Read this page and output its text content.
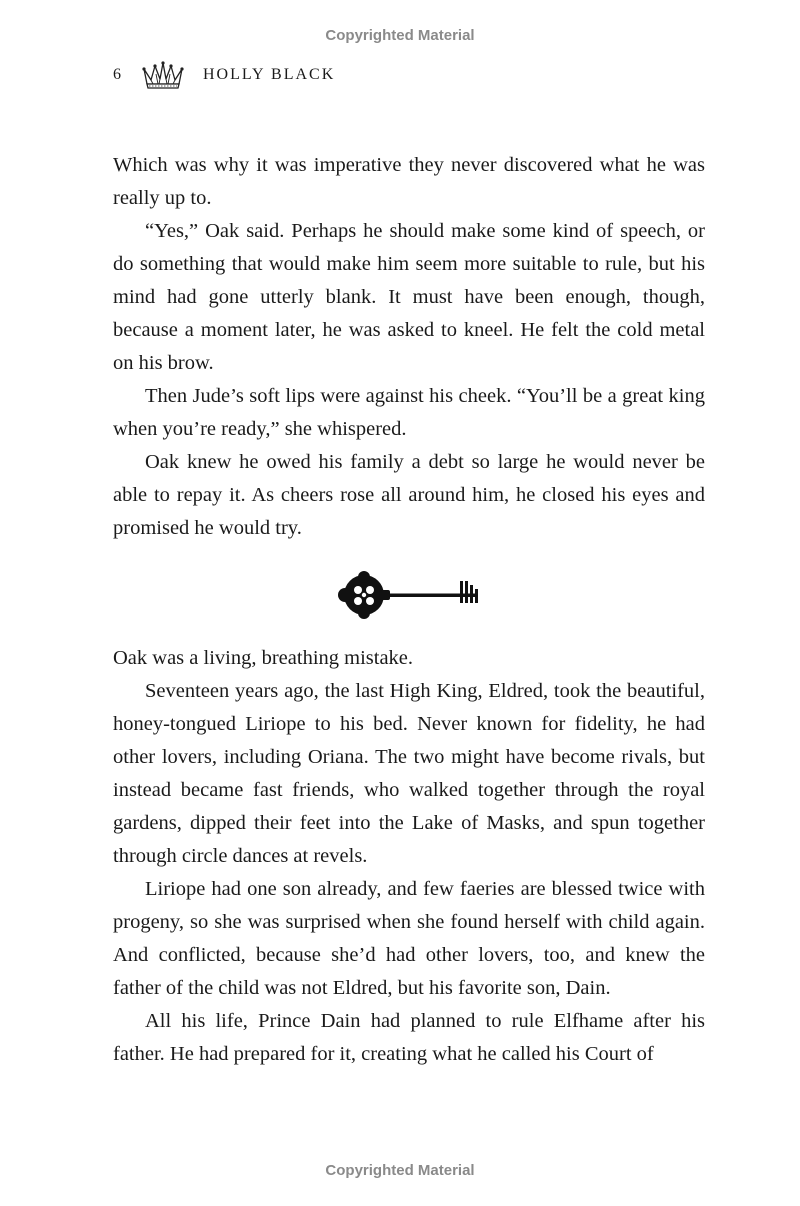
Copyrighted Material
6	HOLLY BLACK

Which was why it was imperative they never discovered what he was really up to.

“Yes,” Oak said. Perhaps he should make some kind of speech, or do something that would make him seem more suitable to rule, but his mind had gone utterly blank. It must have been enough, though, because a moment later, he was asked to kneel. He felt the cold metal on his brow.

Then Jude’s soft lips were against his cheek. “You’ll be a great king when you’re ready,” she whispered.

Oak knew he owed his family a debt so large he would never be able to repay it. As cheers rose all around him, he closed his eyes and promised he would try.

Oak was a living, breathing mistake.

Seventeen years ago, the last High King, Eldred, took the beautiful, honey-tongued Liriope to his bed. Never known for fidelity, he had other lovers, including Oriana. The two might have become rivals, but instead became fast friends, who walked together through the royal gardens, dipped their feet into the Lake of Masks, and spun together through circle dances at revels.

Liriope had one son already, and few faeries are blessed twice with progeny, so she was surprised when she found herself with child again. And conflicted, because she’d had other lovers, too, and knew the father of the child was not Eldred, but his favorite son, Dain.

All his life, Prince Dain had planned to rule Elfhame after his father. He had prepared for it, creating what he called his Court of

Copyrighted Material
